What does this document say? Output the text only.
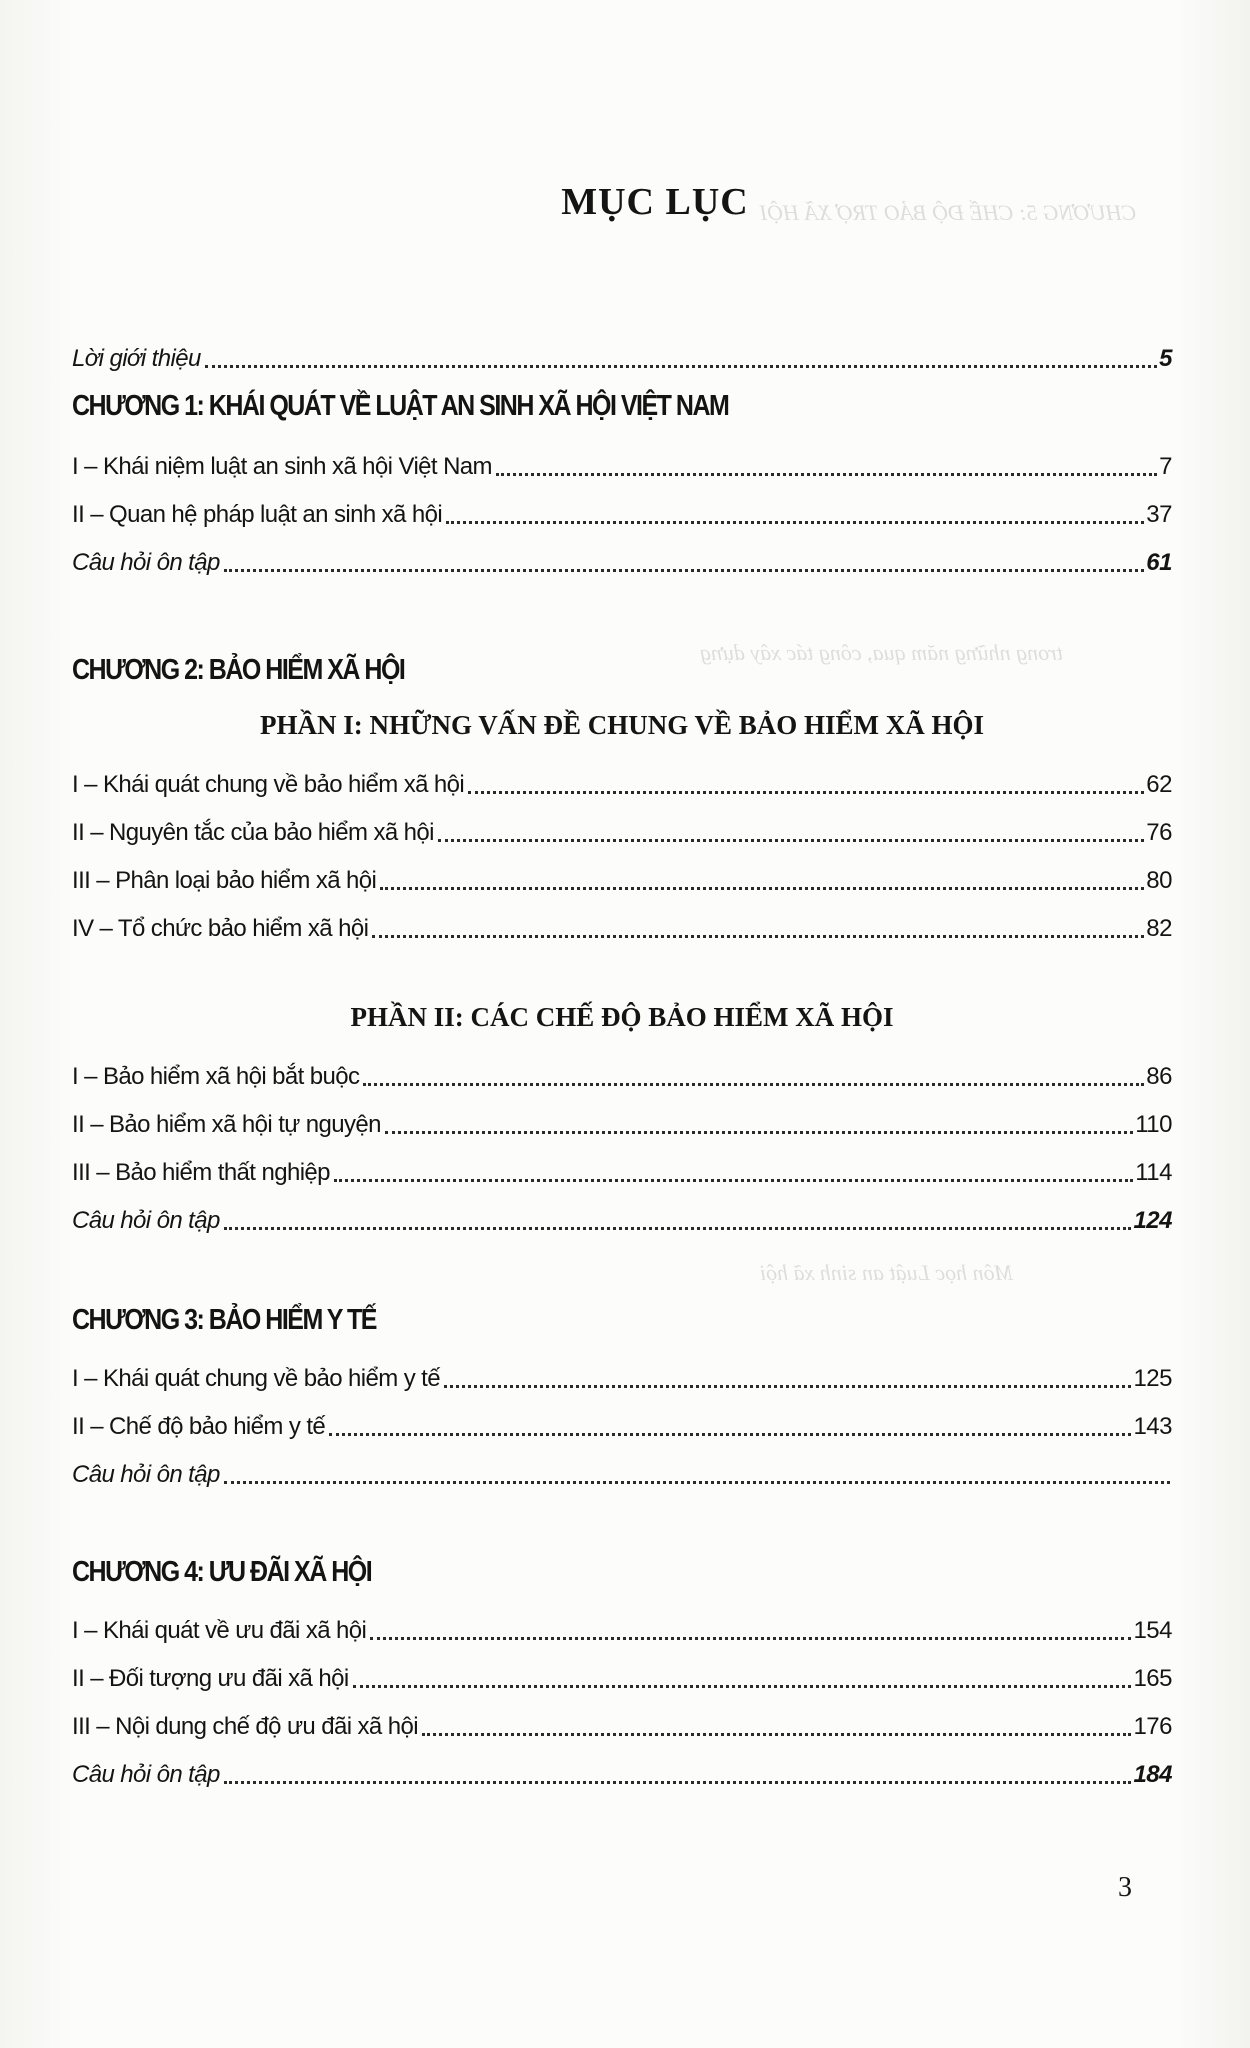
CHƯƠNG 5: CHẾ ĐỘ BẢO TRỢ XÃ HỘI
trong những năm qua, công tác xây dựng
Môn học Luật an sinh xã hội
MỤC LỤC
Lời giới thiệu	5
CHƯƠNG 1: KHÁI QUÁT VỀ LUẬT AN SINH XÃ HỘI VIỆT NAM
I – Khái niệm luật an sinh xã hội Việt Nam	7
II – Quan hệ pháp luật an sinh xã hội	37
Câu hỏi ôn tập	61
CHƯƠNG 2: BẢO HIỂM XÃ HỘI
PHẦN I: NHỮNG VẤN ĐỀ CHUNG VỀ BẢO HIỂM XÃ HỘI
I – Khái quát chung về bảo hiểm xã hội	62
II – Nguyên tắc của bảo hiểm xã hội	76
III – Phân loại bảo hiểm xã hội	80
IV – Tổ chức bảo hiểm xã hội	82
PHẦN II: CÁC CHẾ ĐỘ BẢO HIỂM XÃ HỘI
I – Bảo hiểm xã hội bắt buộc	86
II – Bảo hiểm xã hội tự nguyện	110
III – Bảo hiểm thất nghiệp	114
Câu hỏi ôn tập	124
CHƯƠNG 3: BẢO HIỂM Y TẾ
I – Khái quát chung về bảo hiểm y tế	125
II – Chế độ bảo hiểm y tế	143
Câu hỏi ôn tập
CHƯƠNG 4: ƯU ĐÃI XÃ HỘI
I – Khái quát về ưu đãi xã hội	154
II – Đối tượng ưu đãi xã hội	165
III – Nội dung chế độ ưu đãi xã hội	176
Câu hỏi ôn tập	184
3
